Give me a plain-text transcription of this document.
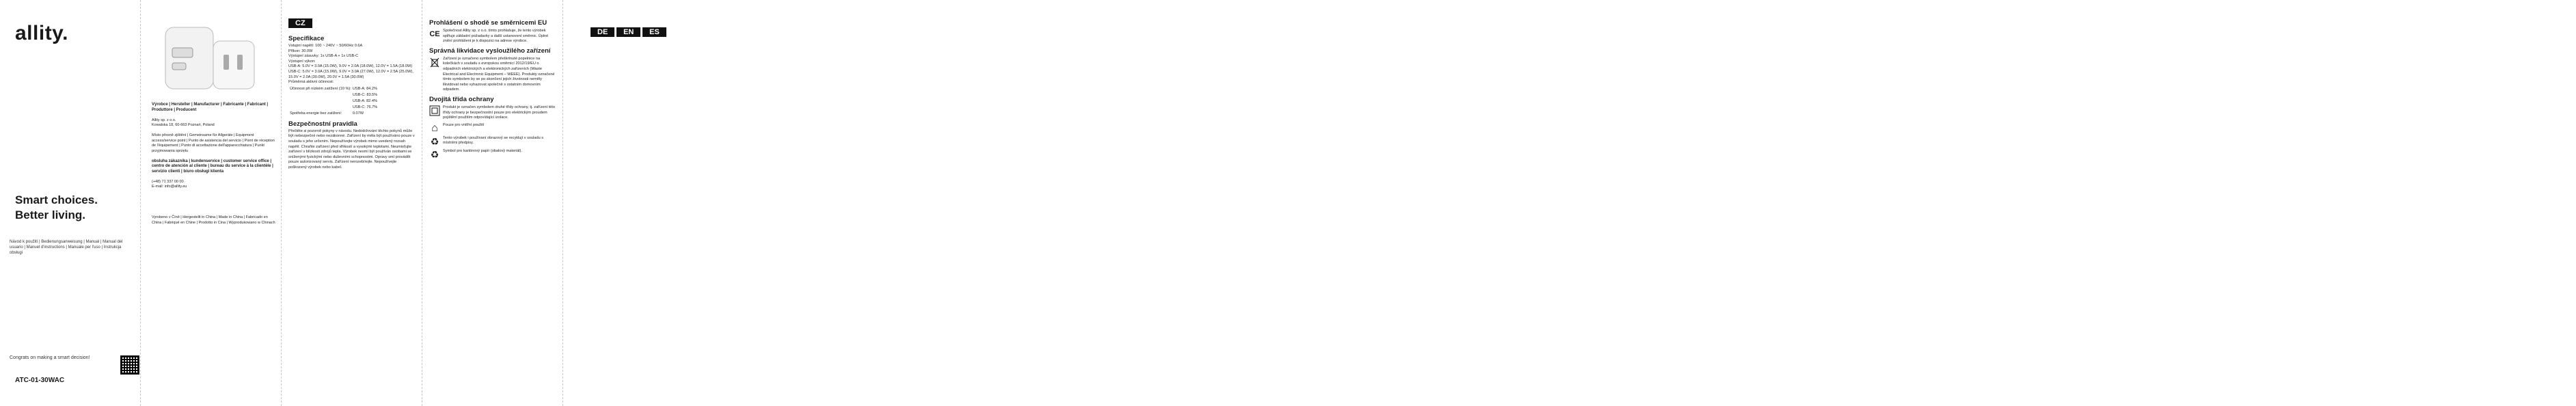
allity.
Smart choices.
Better living.
Návod k použití | Bedienungsanweisung | Manual | Manual del usuario | Manuel d'instructions | Manuale per l'uso | Instrukcja obsługi
Congrats on making a smart decision!
ATC-01-30WAC
Výrobce | Hersteller | Manufacturer | Fabricante | Fabricant | Produttore | Producent

Allity sp. z o.o.
Kowalska 18, 60-663 Poznań, Poland

Místo přesně zjištění | Gemeinsame für Allgeräte | Equipment access/service point | Punto de asistencia del servicio | Point de réception de l'équipement | Punto di accettazione dell'apparecchiatura | Punkt przyjmowania sprzętu

obsluha zákazníka | kundenservice | customer service office | centro de atención al cliente | bureau du service à la clientèle | servizio clienti | biuro obsługi klienta

(+48) 71 337 00 00
E-mail: info@allity.eu

Vyrobeno v Číně | Hergestellt in China | Made in China | Fabricado en China | Fabriqué en Chine | Prodotto in Cina | Wyprodukowano w Chinach
CZ
Specifikace

Vstupní napětí: 100 ~ 240V ~ 50/60Hz 0.6A

Příkon: 30.0W

Výstupní zásuvky: 1x USB-A + 1x USB-C

Výstupní výkon:

USB-A: 5.0V = 3.0A (15.0W), 9.0V = 2.0A (18.0W), 12.0V = 1.5A (18.0W)

USB-C: 5.0V = 3.0A (15.0W), 9.0V = 3.0A (27.0W), 12.0V = 2.5A (25.0W), 15.0V = 2.0A (30.0W), 20.0V = 1.5A (30.0W)

Průměrná aktivní účinnost:

Účinnost při nízkém zatížení (10 %):	USB-A: 84.2%
	USB-C: 83.5%
	USB-A: 82.4%
	USB-C: 76.7%
Spotřeba energie bez zatížení:	0.07W
Bezpečnostní pravidla

Přečtěte si pozorně pokyny v návodu. Nedodržování těchto pokynů může být nebezpečné nebo nezákonné. Zařízení by měla být používáno pouze v souladu s jeho určením. Nepoužívejte výrobek mimo uvedený rozsah napětí. Chraňte zařízení před vlhkostí a vysokými teplotami. Neumisťujte zařízení v blízkosti zdrojů tepla. Výrobek nesmí být používán osobami se sníženými fyzickými nebo duševními schopnostmi. Opravy smí provádět pouze autorizovaný servis. Zařízení nerozebírejte. Nepoužívejte poškozený výrobek nebo kabel.

Prohlášení o shodě se směrnicemi EU
CE Společnost Allity sp. z o.o. tímto prohlašuje, že tento výrobek splňuje základní požadavky a další ustanovení směrnic. Úplné znění prohlášení je k dispozici na adrese výrobce.

Správná likvidace vysloužilého zařízení

Zařízení je označeno symbolem přeškrtnuté popelnice na kolečkách v souladu s evropskou směrnicí 2012/19/EU o odpadních elektrických a elektronických zařízeních (Waste Electrical and Electronic Equipment – WEEE). Produkty označené tímto symbolem by se po skončení jejich životnosti neměly likvidovat nebo vyhazovat společně s ostatním domovním odpadem.

Dvojitá třída ochrany

Produkt je označen symbolem druhé třídy ochrany, tj. zařízení této třídy ochrany je bezpečnostní pouze pro elektrickým proudem pojištění použitím odpovídající izolace.

⌂	Pouze pro vnitřní použití

♻	Tento výrobek i používaní obrazový se recyklují v souladu s místními předpisy.

♻	Symbol pro kartónový papír (obalový materiál).

DE EN ES
